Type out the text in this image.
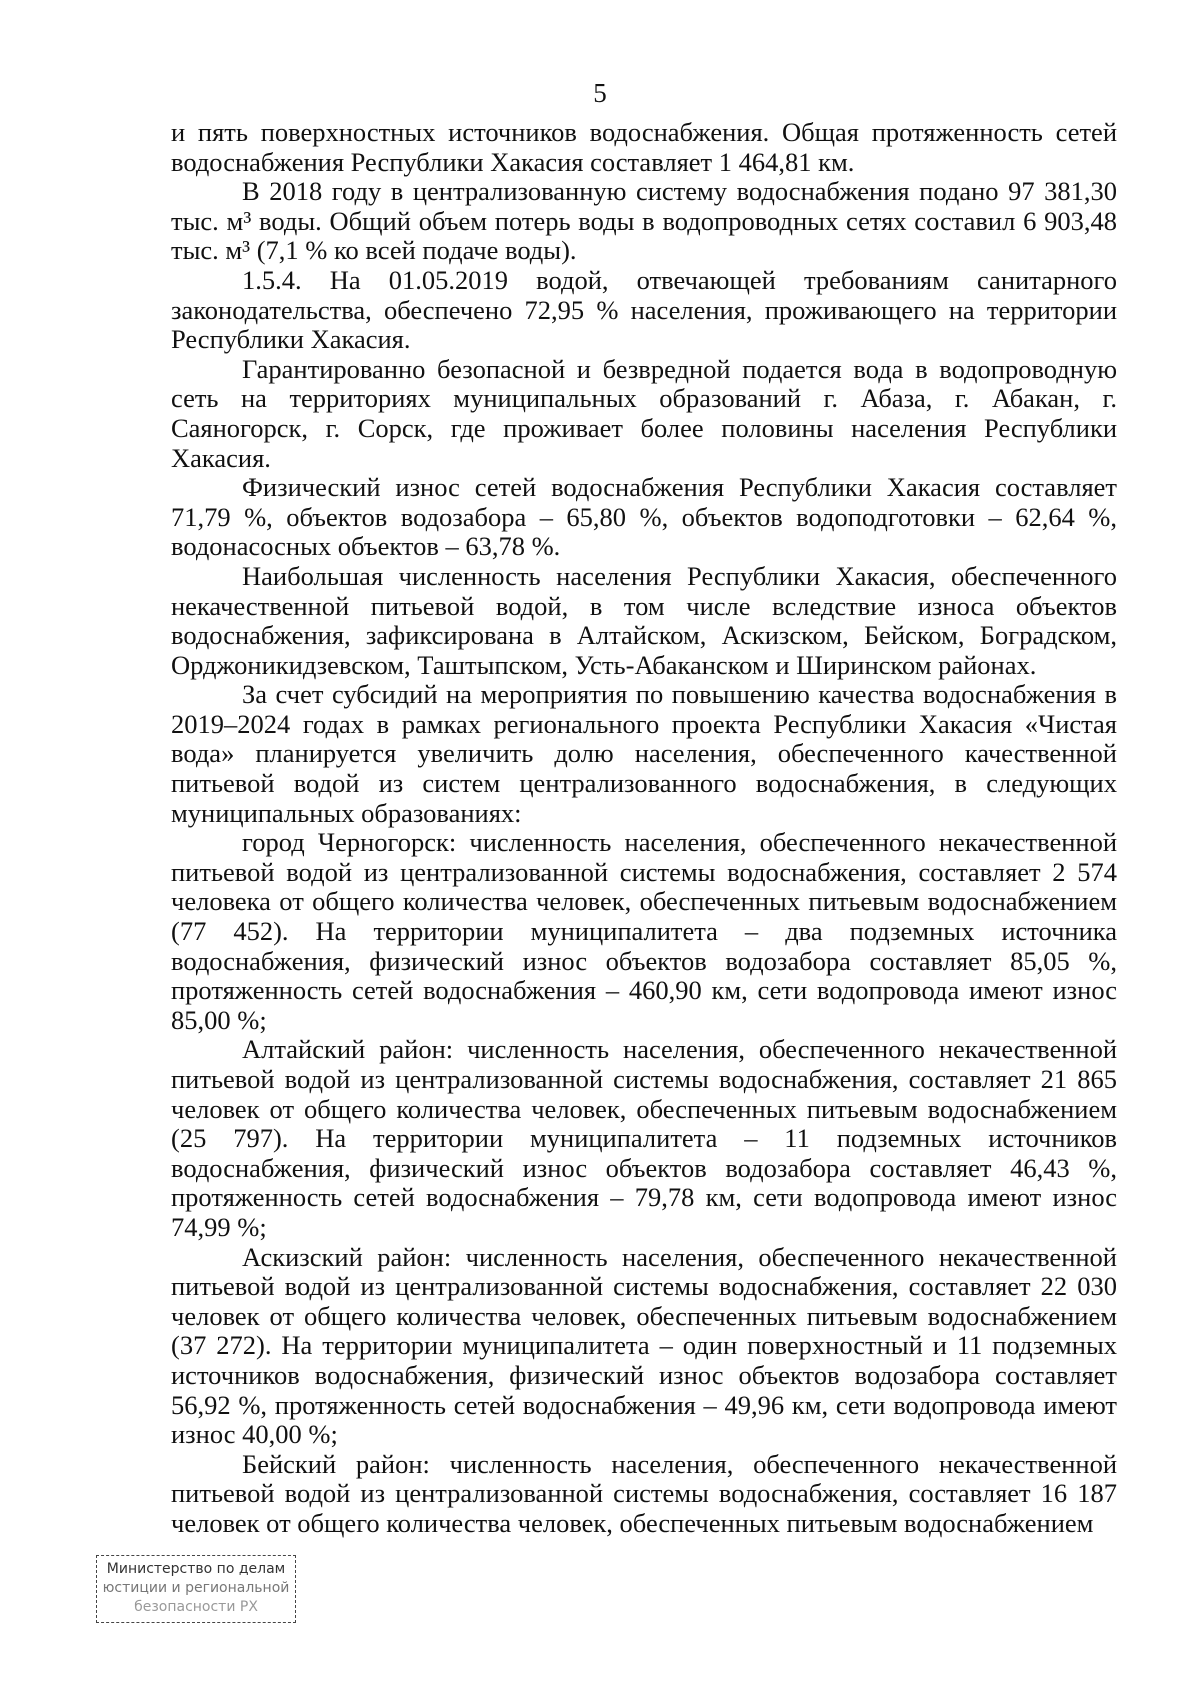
5

и пять поверхностных источников водоснабжения. Общая протяженность сетей водоснабжения Республики Хакасия составляет 1 464,81 км.

В 2018 году в централизованную систему водоснабжения подано 97 381,30 тыс. м³ воды. Общий объем потерь воды в водопроводных сетях составил 6 903,48 тыс. м³ (7,1 % ко всей подаче воды).

1.5.4. На 01.05.2019 водой, отвечающей требованиям санитарного законодательства, обеспечено 72,95 % населения, проживающего на территории Республики Хакасия.

Гарантированно безопасной и безвредной подается вода в водопроводную сеть на территориях муниципальных образований г. Абаза, г. Абакан, г. Саяногорск, г. Сорск, где проживает более половины населения Республики Хакасия.

Физический износ сетей водоснабжения Республики Хакасия составляет 71,79 %, объектов водозабора – 65,80 %, объектов водоподготовки – 62,64 %, водонасосных объектов – 63,78 %.

Наибольшая численность населения Республики Хакасия, обеспеченного некачественной питьевой водой, в том числе вследствие износа объектов водоснабжения, зафиксирована в Алтайском, Аскизском, Бейском, Боградском, Орджоникидзевском, Таштыпском, Усть-Абаканском и Ширинском районах.

За счет субсидий на мероприятия по повышению качества водоснабжения в 2019–2024 годах в рамках регионального проекта Республики Хакасия «Чистая вода» планируется увеличить долю населения, обеспеченного качественной питьевой водой из систем централизованного водоснабжения, в следующих муниципальных образованиях:

город Черногорск: численность населения, обеспеченного некачественной питьевой водой из централизованной системы водоснабжения, составляет 2 574 человека от общего количества человек, обеспеченных питьевым водоснабжением (77 452). На территории муниципалитета – два подземных источника водоснабжения, физический износ объектов водозабора составляет 85,05 %, протяженность сетей водоснабжения – 460,90 км, сети водопровода имеют износ 85,00 %;

Алтайский район: численность населения, обеспеченного некачественной питьевой водой из централизованной системы водоснабжения, составляет 21 865 человек от общего количества человек, обеспеченных питьевым водоснабжением (25 797). На территории муниципалитета – 11 подземных источников водоснабжения, физический износ объектов водозабора составляет 46,43 %, протяженность сетей водоснабжения – 79,78 км, сети водопровода имеют износ 74,99 %;

Аскизский район: численность населения, обеспеченного некачественной питьевой водой из централизованной системы водоснабжения, составляет 22 030 человек от общего количества человек, обеспеченных питьевым водоснабжением (37 272). На территории муниципалитета – один поверхностный и 11 подземных источников водоснабжения, физический износ объектов водозабора составляет 56,92 %, протяженность сетей водоснабжения – 49,96 км, сети водопровода имеют износ 40,00 %;

Бейский район: численность населения, обеспеченного некачественной питьевой водой из централизованной системы водоснабжения, составляет 16 187 человек от общего количества человек, обеспеченных питьевым водоснабжением

Министерство по делам
юстиции и региональной
безопасности РХ
